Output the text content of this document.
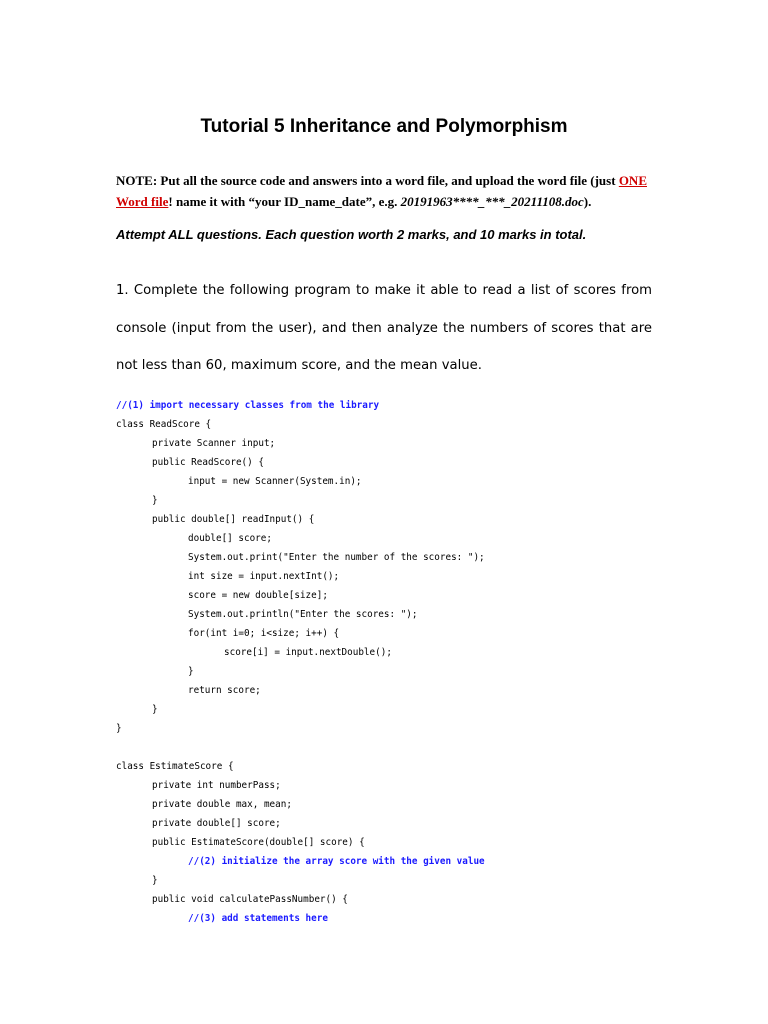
Tutorial 5 Inheritance and Polymorphism
NOTE: Put all the source code and answers into a word file, and upload the word file (just ONE Word file! name it with “your ID_name_date”, e.g. 20191963****_***_20211108.doc).
Attempt ALL questions. Each question worth 2 marks, and 10 marks in total.
1. Complete the following program to make it able to read a list of scores from console (input from the user), and then analyze the numbers of scores that are not less than 60, maximum score, and the mean value.
//(1) import necessary classes from the library
class ReadScore {
private Scanner input;
public ReadScore() {
input = new Scanner(System.in);
}
public double[] readInput() {
double[] score;
System.out.print("Enter the number of the scores: ");
int size = input.nextInt();
score = new double[size];
System.out.println("Enter the scores: ");
for(int i=0; i<size; i++) {
score[i] = input.nextDouble();
}
return score;
}
}
class EstimateScore {
private int numberPass;
private double max, mean;
private double[] score;
public EstimateScore(double[] score) {
//(2) initialize the array score with the given value
}
public void calculatePassNumber() {
//(3) add statements here
